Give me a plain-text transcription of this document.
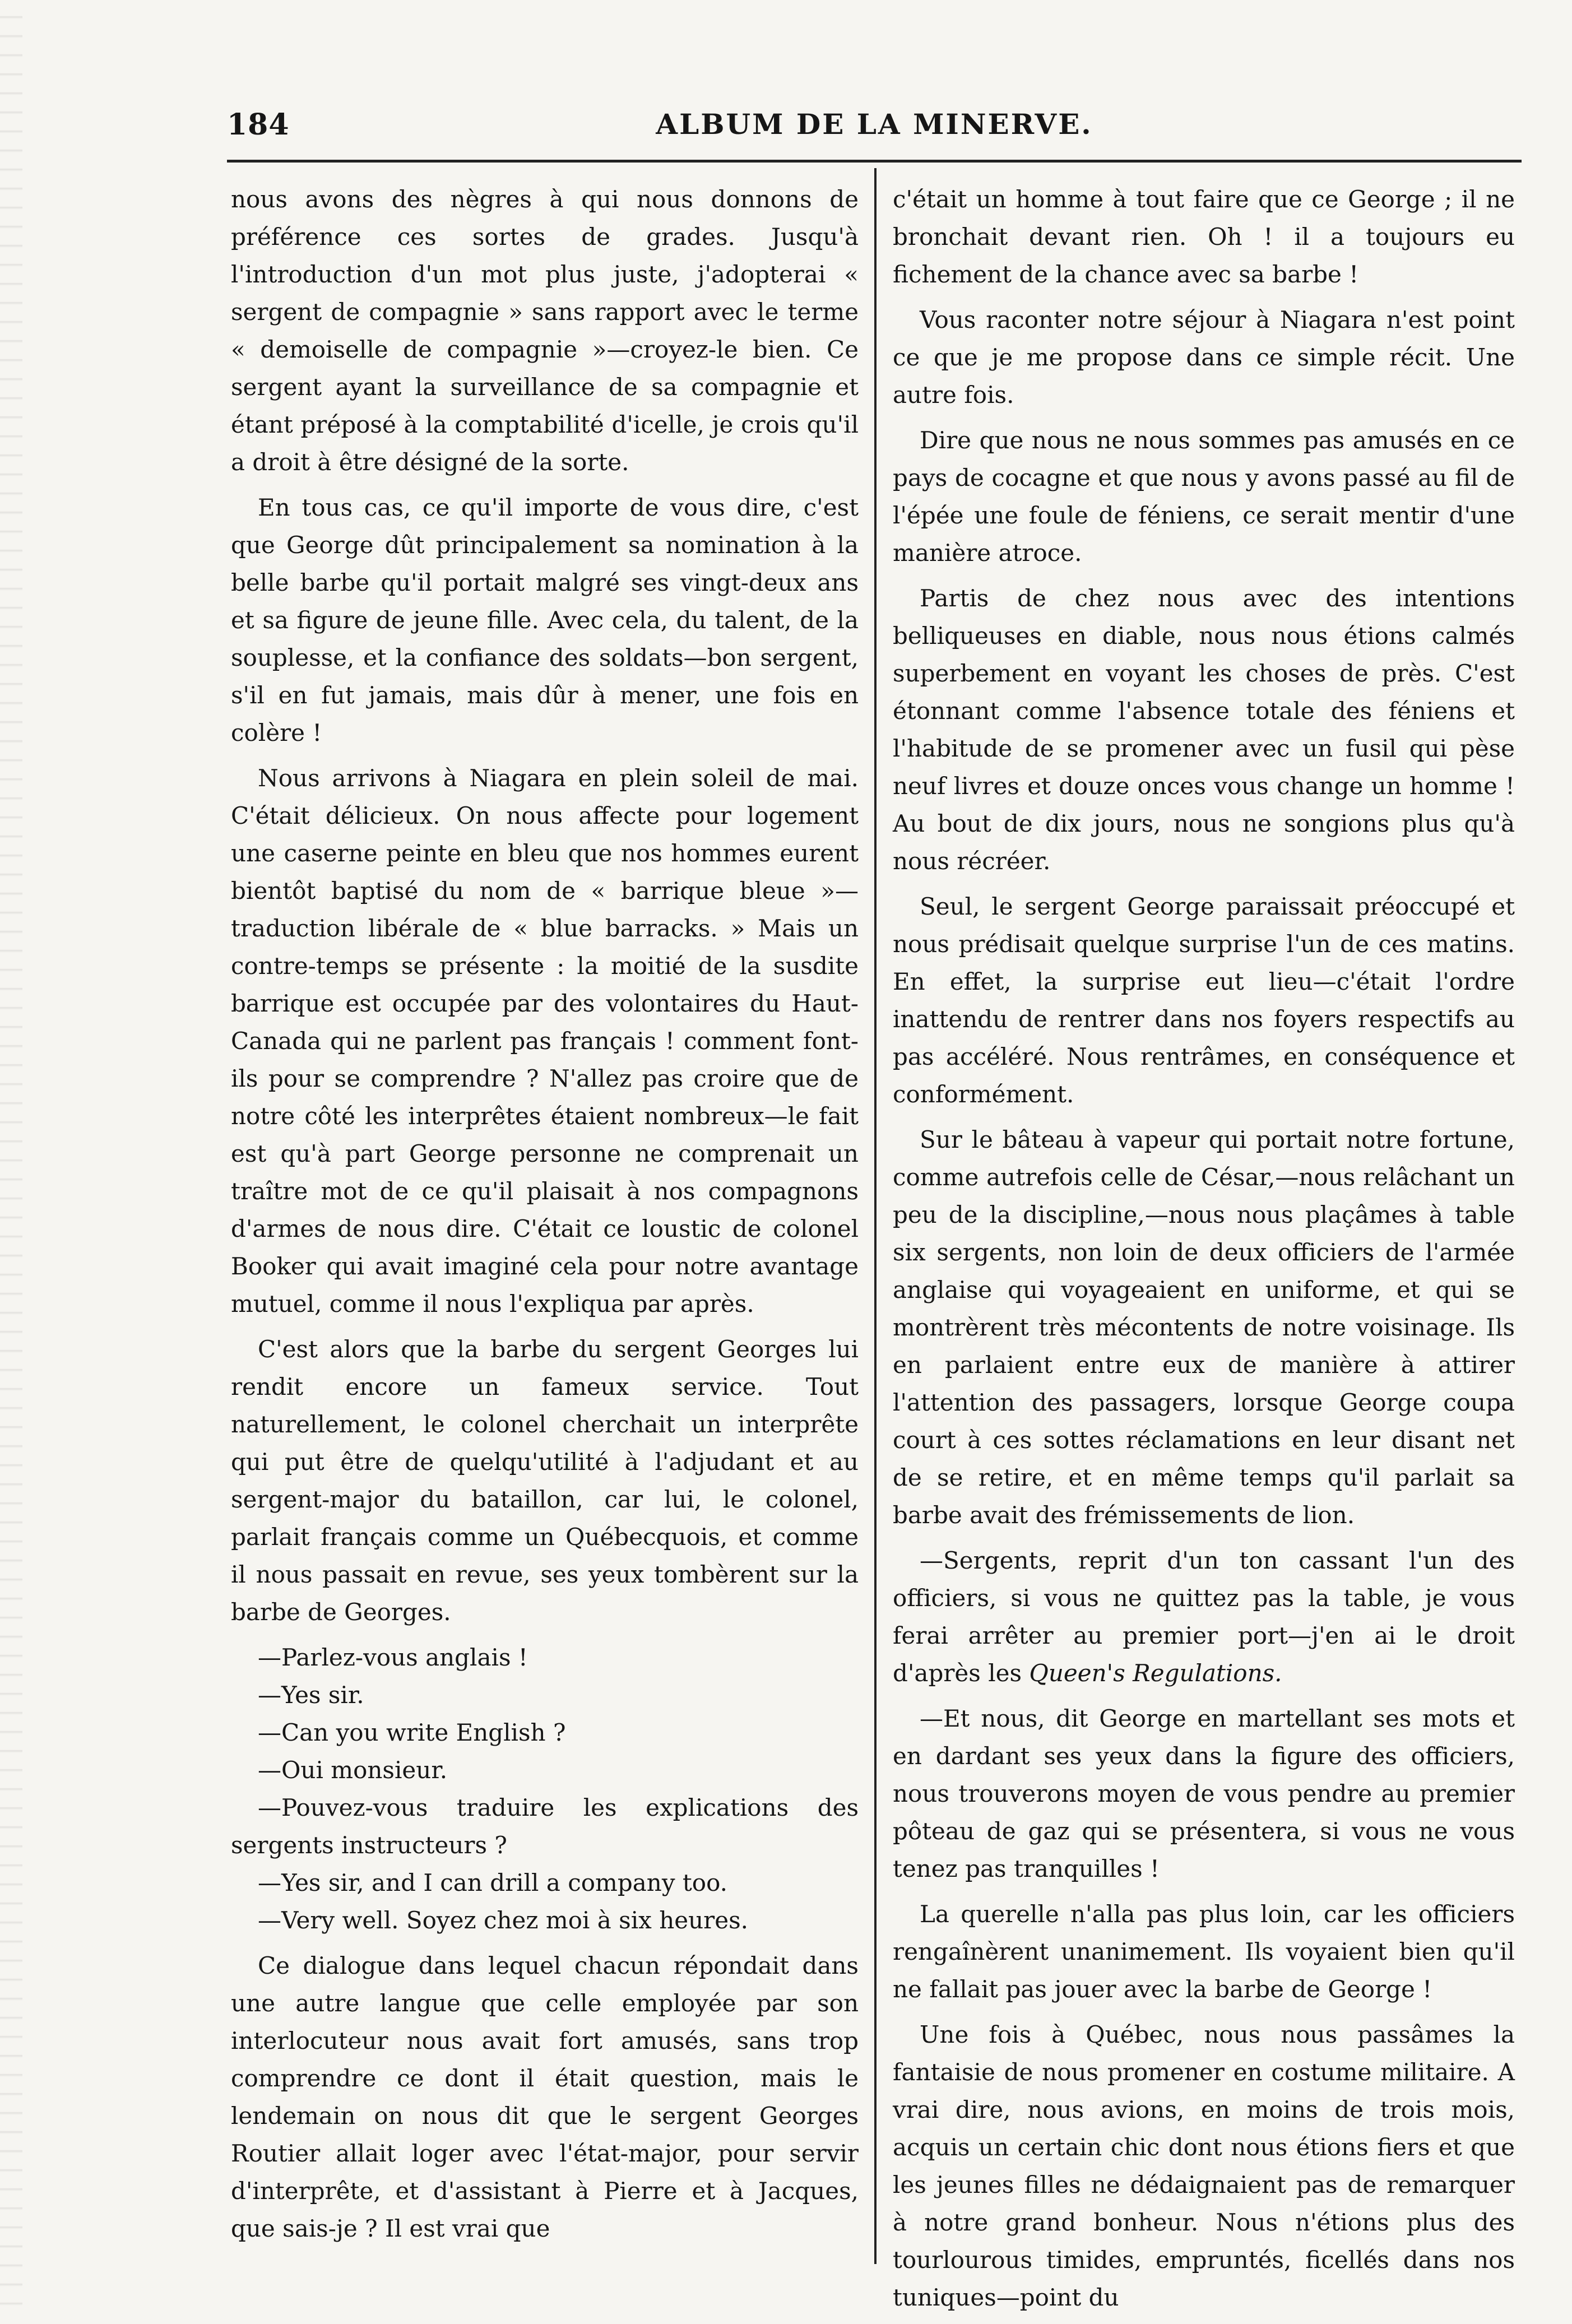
184	ALBUM DE LA MINERVE.

nous avons des nègres à qui nous donnons de préférence ces sortes de grades. Jusqu'à l'introduction d'un mot plus juste, j'adopterai « sergent de compagnie » sans rapport avec le terme « demoiselle de compagnie »—croyez-le bien. Ce sergent ayant la surveillance de sa compagnie et étant préposé à la comptabilité d'icelle, je crois qu'il a droit à être désigné de la sorte.

En tous cas, ce qu'il importe de vous dire, c'est que George dût principalement sa nomination à la belle barbe qu'il portait malgré ses vingt-deux ans et sa figure de jeune fille. Avec cela, du talent, de la souplesse, et la confiance des soldats—bon sergent, s'il en fut jamais, mais dûr à mener, une fois en colère !

Nous arrivons à Niagara en plein soleil de mai. C'était délicieux. On nous affecte pour logement une caserne peinte en bleu que nos hommes eurent bientôt baptisé du nom de « barrique bleue »—traduction libérale de « blue barracks. » Mais un contre-temps se présente : la moitié de la susdite barrique est occupée par des volontaires du Haut-Canada qui ne parlent pas français ! comment font-ils pour se comprendre ? N'allez pas croire que de notre côté les interprêtes étaient nombreux—le fait est qu'à part George personne ne comprenait un traître mot de ce qu'il plaisait à nos compagnons d'armes de nous dire. C'était ce loustic de colonel Booker qui avait imaginé cela pour notre avantage mutuel, comme il nous l'expliqua par après.

C'est alors que la barbe du sergent Georges lui rendit encore un fameux service. Tout naturellement, le colonel cherchait un interprête qui put être de quelqu'utilité à l'adjudant et au sergent-major du bataillon, car lui, le colonel, parlait français comme un Québecquois, et comme il nous passait en revue, ses yeux tombèrent sur la barbe de Georges.

—Parlez-vous anglais !

—Yes sir.

—Can you write English ?

—Oui monsieur.

—Pouvez-vous traduire les explications des sergents instructeurs ?

—Yes sir, and I can drill a company too.

—Very well. Soyez chez moi à six heures.

Ce dialogue dans lequel chacun répondait dans une autre langue que celle employée par son interlocuteur nous avait fort amusés, sans trop comprendre ce dont il était question, mais le lendemain on nous dit que le sergent Georges Routier allait loger avec l'état-major, pour servir d'interprête, et d'assistant à Pierre et à Jacques, que sais-je ? Il est vrai que

c'était un homme à tout faire que ce George ; il ne bronchait devant rien. Oh ! il a toujours eu fichement de la chance avec sa barbe !

Vous raconter notre séjour à Niagara n'est point ce que je me propose dans ce simple récit. Une autre fois.

Dire que nous ne nous sommes pas amusés en ce pays de cocagne et que nous y avons passé au fil de l'épée une foule de féniens, ce serait mentir d'une manière atroce.

Partis de chez nous avec des intentions belliqueuses en diable, nous nous étions calmés superbement en voyant les choses de près. C'est étonnant comme l'absence totale des féniens et l'habitude de se promener avec un fusil qui pèse neuf livres et douze onces vous change un homme ! Au bout de dix jours, nous ne songions plus qu'à nous récréer.

Seul, le sergent George paraissait préoccupé et nous prédisait quelque surprise l'un de ces matins. En effet, la surprise eut lieu—c'était l'ordre inattendu de rentrer dans nos foyers respectifs au pas accéléré. Nous rentrâmes, en conséquence et conformément.

Sur le bâteau à vapeur qui portait notre fortune, comme autrefois celle de César,—nous relâchant un peu de la discipline,—nous nous plaçâmes à table six sergents, non loin de deux officiers de l'armée anglaise qui voyageaient en uniforme, et qui se montrèrent très mécontents de notre voisinage. Ils en parlaient entre eux de manière à attirer l'attention des passagers, lorsque George coupa court à ces sottes réclamations en leur disant net de se retire, et en même temps qu'il parlait sa barbe avait des frémissements de lion.

—Sergents, reprit d'un ton cassant l'un des officiers, si vous ne quittez pas la table, je vous ferai arrêter au premier port—j'en ai le droit d'après les Queen's Regulations.

—Et nous, dit George en martellant ses mots et en dardant ses yeux dans la figure des officiers, nous trouverons moyen de vous pendre au premier pôteau de gaz qui se présentera, si vous ne vous tenez pas tranquilles !

La querelle n'alla pas plus loin, car les officiers rengaînèrent unanimement. Ils voyaient bien qu'il ne fallait pas jouer avec la barbe de George !

Une fois à Québec, nous nous passâmes la fantaisie de nous promener en costume militaire. A vrai dire, nous avions, en moins de trois mois, acquis un certain chic dont nous étions fiers et que les jeunes filles ne dédaignaient pas de remarquer à notre grand bonheur. Nous n'étions plus des tourlourous timides, empruntés, ficellés dans nos tuniques—point du
